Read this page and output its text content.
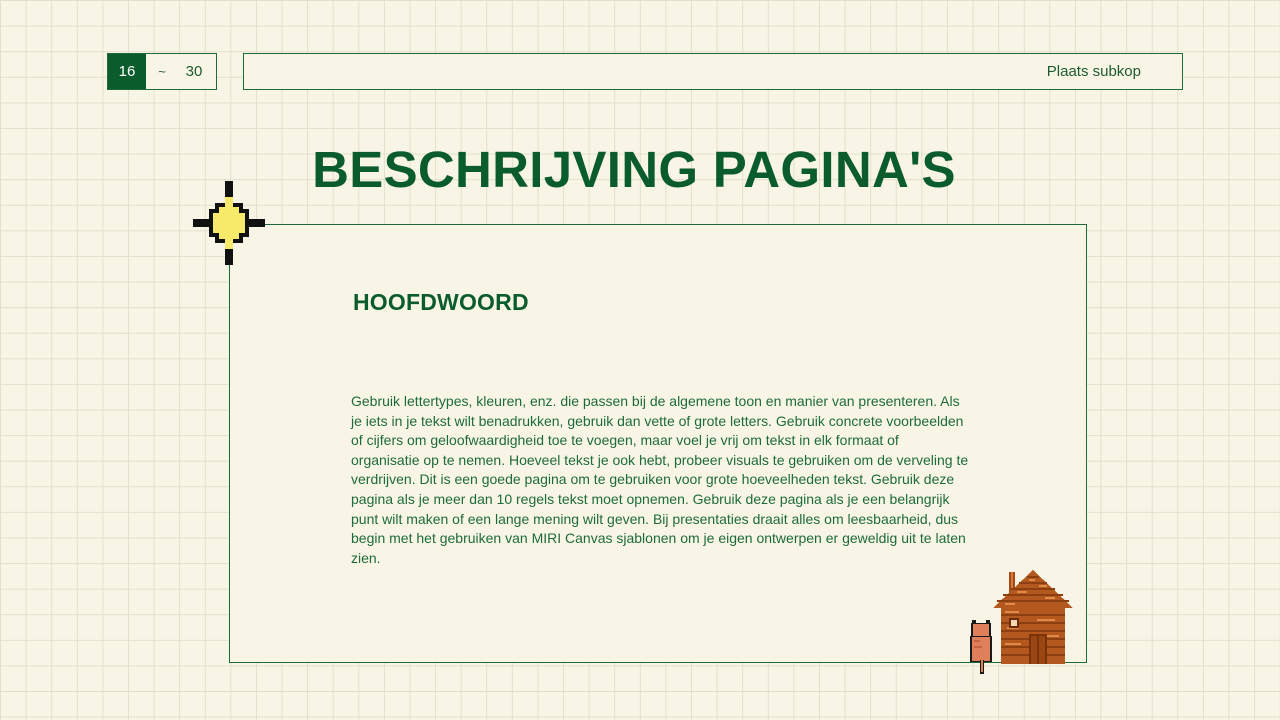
16	~	30	Plaats subkop
BESCHRIJVING PAGINA'S
HOOFDWOORD

Gebruik lettertypes, kleuren, enz. die passen bij de algemene toon en manier van presenteren. Als je iets in je tekst wilt benadrukken, gebruik dan vette of grote letters. Gebruik concrete voorbeelden of cijfers om geloofwaardigheid toe te voegen, maar voel je vrij om tekst in elk formaat of organisatie op te nemen. Hoeveel tekst je ook hebt, probeer visuals te gebruiken om de verveling te verdrijven. Dit is een goede pagina om te gebruiken voor grote hoeveelheden tekst. Gebruik deze pagina als je meer dan 10 regels tekst moet opnemen. Gebruik deze pagina als je een belangrijk punt wilt maken of een lange mening wilt geven. Bij presentaties draait alles om leesbaarheid, dus begin met het gebruiken van MIRI Canvas sjablonen om je eigen ontwerpen er geweldig uit te laten zien.
